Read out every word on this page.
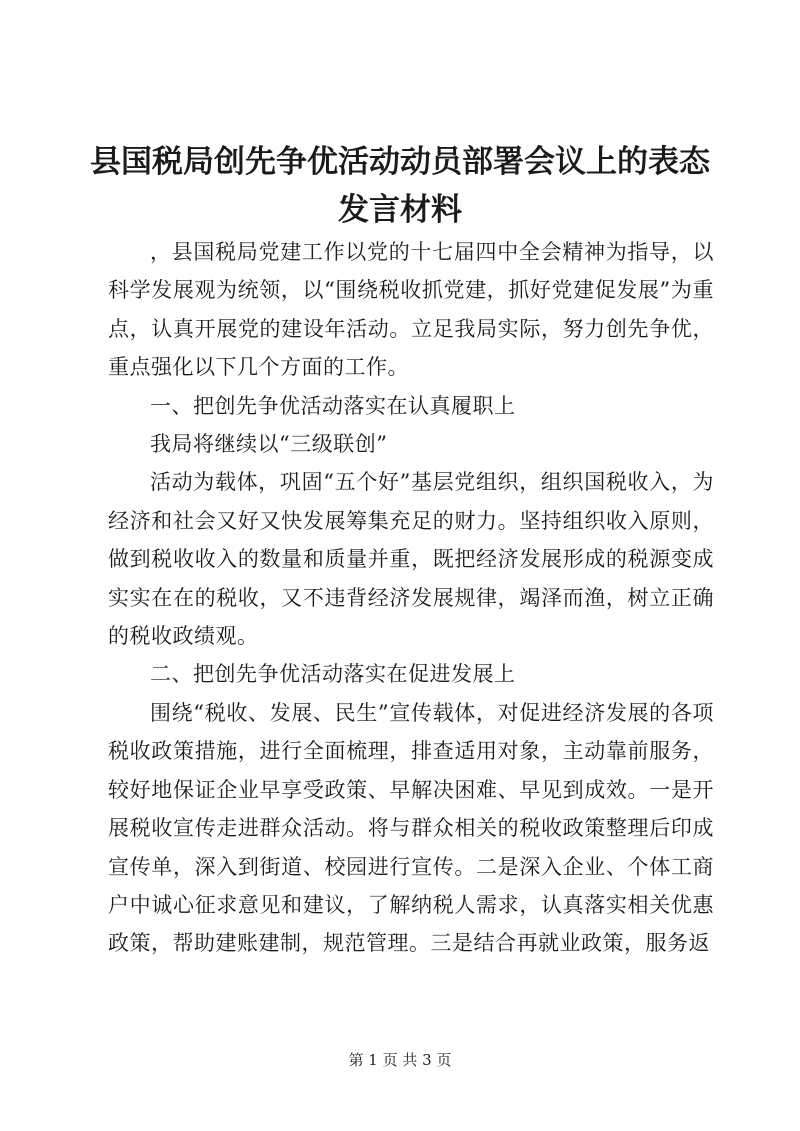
县国税局创先争优活动动员部署会议上的表态发言材料

，县国税局党建工作以党的十七届四中全会精神为指导，以科学发展观为统领，以“围绕税收抓党建，抓好党建促发展”为重点，认真开展党的建设年活动。立足我局实际，努力创先争优，重点强化以下几个方面的工作。

一、把创先争优活动落实在认真履职上

我局将继续以“三级联创”

活动为载体，巩固“五个好”基层党组织，组织国税收入，为经济和社会又好又快发展筹集充足的财力。坚持组织收入原则，做到税收收入的数量和质量并重，既把经济发展形成的税源变成实实在在的税收，又不违背经济发展规律，竭泽而渔，树立正确的税收政绩观。

二、把创先争优活动落实在促进发展上

围绕“税收、发展、民生”宣传载体，对促进经济发展的各项税收政策措施，进行全面梳理，排查适用对象，主动靠前服务，较好地保证企业早享受政策、早解决困难、早见到成效。一是开展税收宣传走进群众活动。将与群众相关的税收政策整理后印成宣传单，深入到街道、校园进行宣传。二是深入企业、个体工商户中诚心征求意见和建议，了解纳税人需求，认真落实相关优惠政策，帮助建账建制，规范管理。三是结合再就业政策，服务返

第 1 页 共 3 页
